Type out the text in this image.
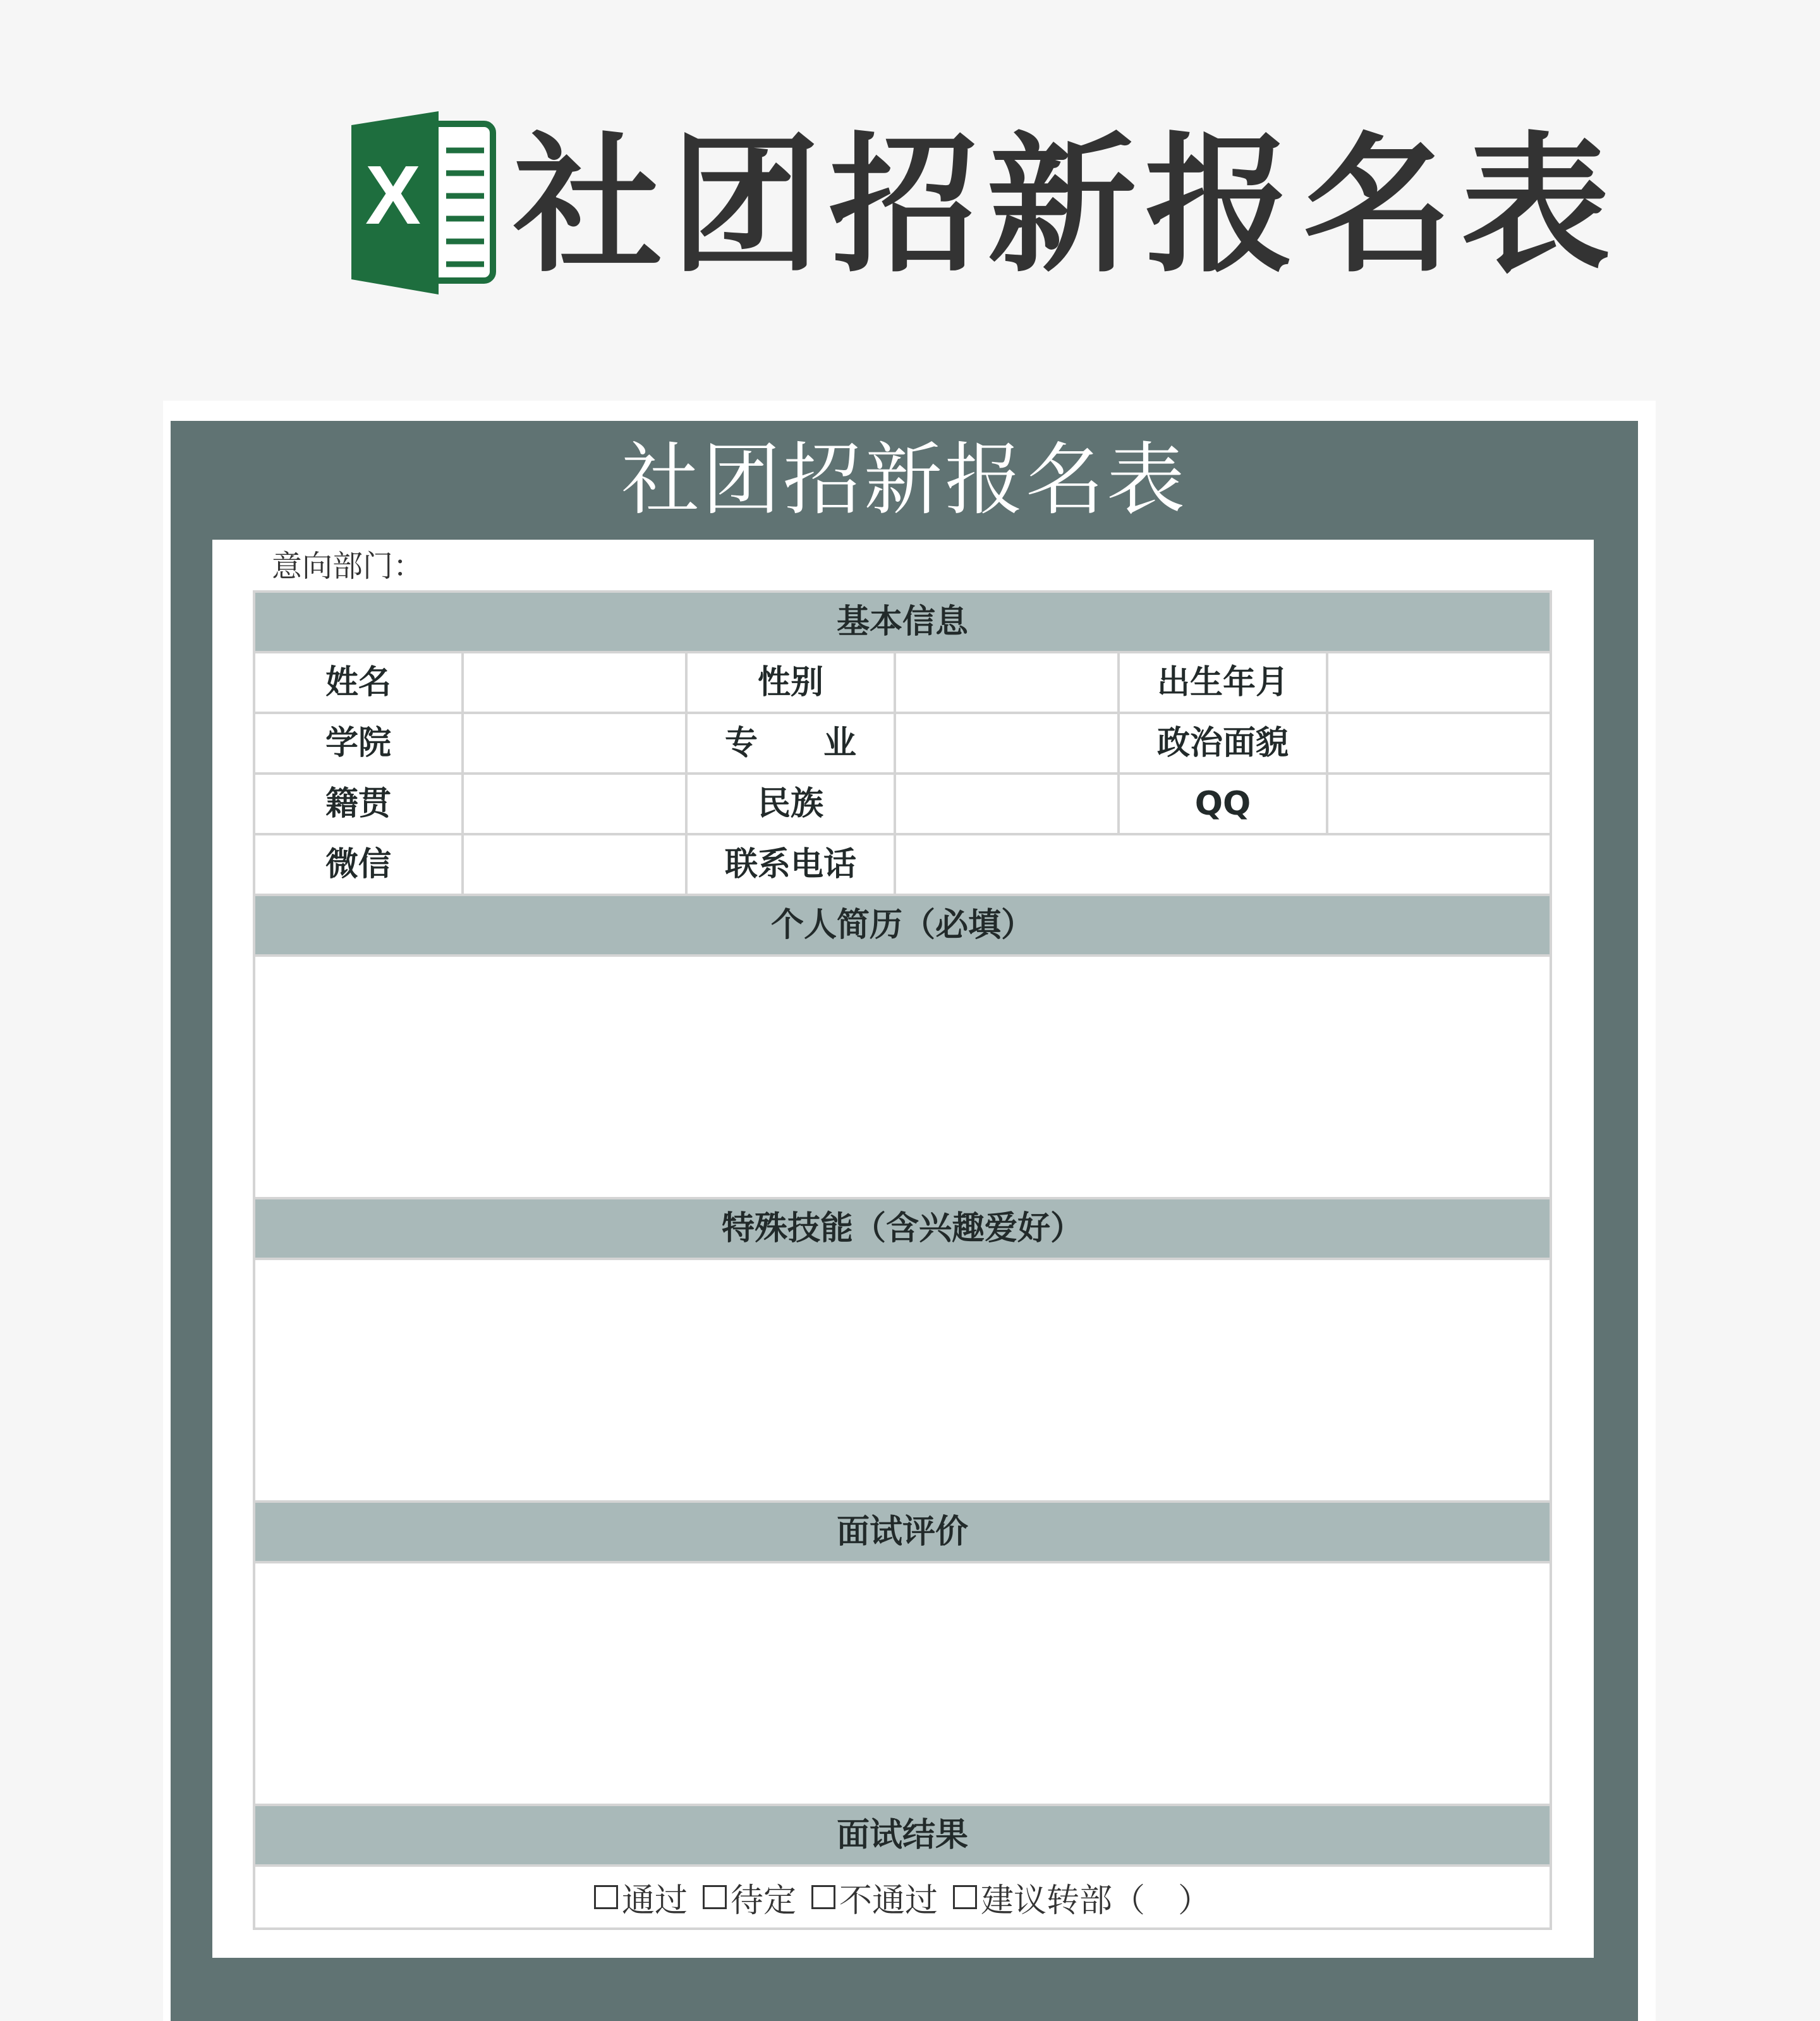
X 社团招新报名表
社团招新报名表
意向部门：
基本信息
姓名	性别	出生年月
学院	专　　业	政治面貌
籍贯	民族	QQ
微信	联系电话
个人简历（必填）
特殊技能（含兴趣爱好）
面试评价
面试结果
通过 待定 不通过 建议转部（　）
